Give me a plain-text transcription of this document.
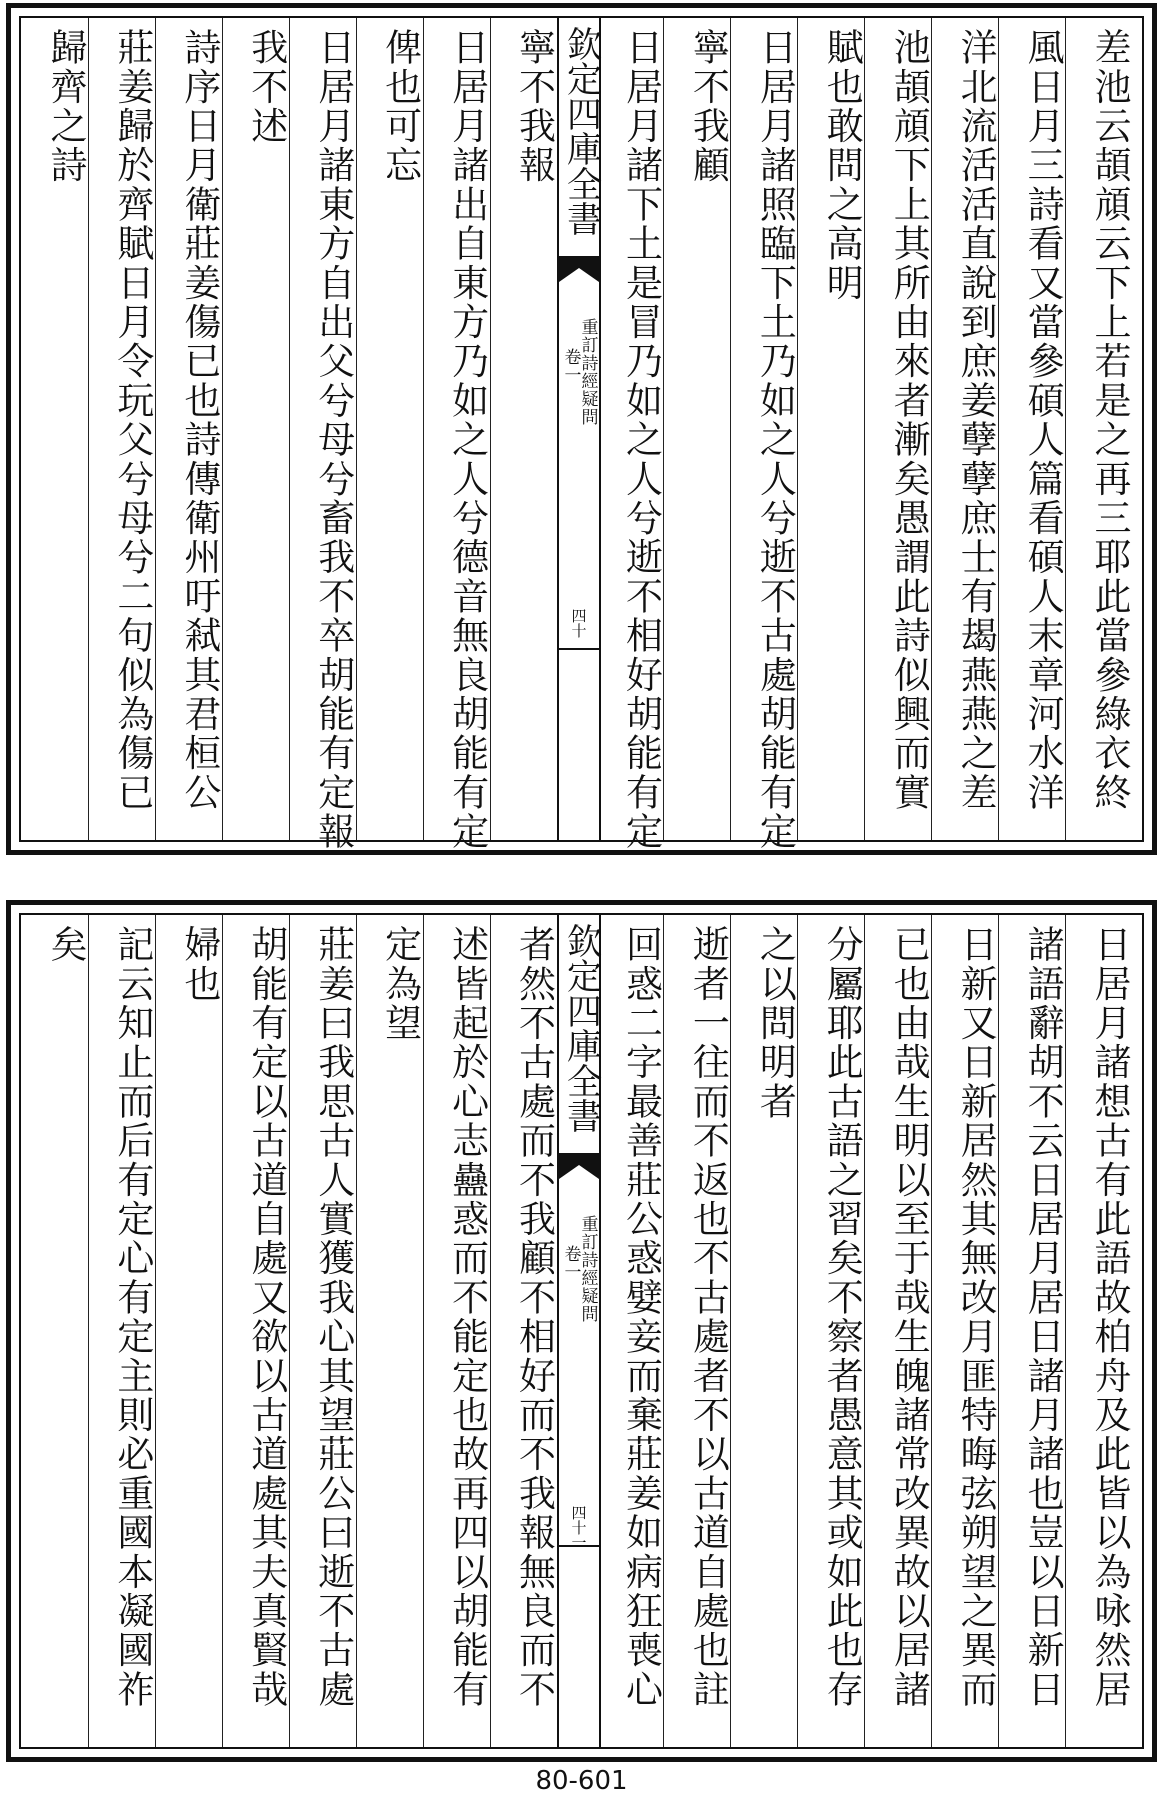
寧不我報
日居月諸出自東方乃如之人兮德音無良胡能有定
俾也可忘
日居月諸東方自出父兮母兮畜我不卒胡能有定報
我不述
詩序日月衛莊姜傷已也詩傳衛州吁弒其君桓公
莊姜歸於齊賦日月令玩父兮母兮二句似為傷已
歸齊之詩	差池云頡頏云下上若是之再三耶此當參綠衣終
風日月三詩看又當參碩人篇看碩人末章河水洋
洋北流活活直說到庶姜孽孽庶士有朅燕燕之差
池頡頏下上其所由來者漸矣愚謂此詩似興而實
賦也敢問之高明
日居月諸照臨下土乃如之人兮逝不古處胡能有定
寧不我顧
日居月諸下土是冒乃如之人兮逝不相好胡能有定
欽定四庫全書
重訂詩經疑問
卷一
四十
者然不古處而不我顧不相好而不我報無良而不
述皆起於心志蠱惑而不能定也故再四以胡能有
定為望
莊姜曰我思古人實獲我心其望莊公曰逝不古處
胡能有定以古道自處又欲以古道處其夫真賢哉
婦也
記云知止而后有定心有定主則必重國本凝國祚
矣	日居月諸想古有此語故柏舟及此皆以為咏然居
諸語辭胡不云日居月居日諸月諸也豈以日新日
日新又日新居然其無改月匪特晦弦朔望之異而
已也由哉生明以至于哉生魄諸常改異故以居諸
分屬耶此古語之習矣不察者愚意其或如此也存
之以問明者
逝者一往而不返也不古處者不以古道自處也註
回惑二字最善莊公惑嬖妾而棄莊姜如病狂喪心
欽定四庫全書
重訂詩經疑問
卷一
四十一
80-601
